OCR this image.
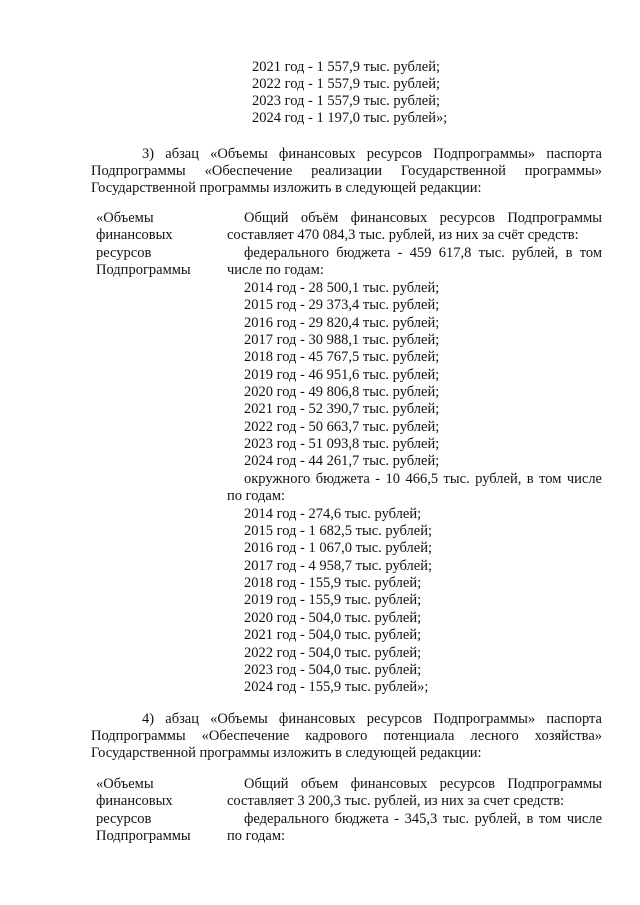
2021 год - 1 557,9 тыс. рублей;
2022 год - 1 557,9 тыс. рублей;
2023 год - 1 557,9 тыс. рублей;
2024 год - 1 197,0 тыс. рублей»;
3) абзац «Объемы финансовых ресурсов Подпрограммы» паспорта
Подпрограммы «Обеспечение реализации Государственной программы»
Государственной программы изложить в следующей редакции:
«Объемы
финансовых
ресурсов
Подпрограммы
Общий объём финансовых ресурсов Подпрограммы
составляет 470 084,3 тыс. рублей, из них за счёт средств:
федерального бюджета - 459 617,8 тыс. рублей, в том
числе по годам:
2014 год - 28 500,1 тыс. рублей;
2015 год - 29 373,4 тыс. рублей;
2016 год - 29 820,4 тыс. рублей;
2017 год - 30 988,1 тыс. рублей;
2018 год - 45 767,5 тыс. рублей;
2019 год - 46 951,6 тыс. рублей;
2020 год - 49 806,8 тыс. рублей;
2021 год - 52 390,7 тыс. рублей;
2022 год - 50 663,7 тыс. рублей;
2023 год - 51 093,8 тыс. рублей;
2024 год - 44 261,7 тыс. рублей;
окружного бюджета - 10 466,5 тыс. рублей, в том числе
по годам:
2014 год - 274,6 тыс. рублей;
2015 год - 1 682,5 тыс. рублей;
2016 год - 1 067,0 тыс. рублей;
2017 год - 4 958,7 тыс. рублей;
2018 год - 155,9 тыс. рублей;
2019 год - 155,9 тыс. рублей;
2020 год - 504,0 тыс. рублей;
2021 год - 504,0 тыс. рублей;
2022 год - 504,0 тыс. рублей;
2023 год - 504,0 тыс. рублей;
2024 год - 155,9 тыс. рублей»;
4) абзац «Объемы финансовых ресурсов Подпрограммы» паспорта
Подпрограммы «Обеспечение кадрового потенциала лесного хозяйства»
Государственной программы изложить в следующей редакции:
«Объемы
финансовых
ресурсов
Подпрограммы
Общий объем финансовых ресурсов Подпрограммы
составляет 3 200,3 тыс. рублей, из них за счет средств:
федерального бюджета - 345,3 тыс. рублей, в том числе
по годам:
